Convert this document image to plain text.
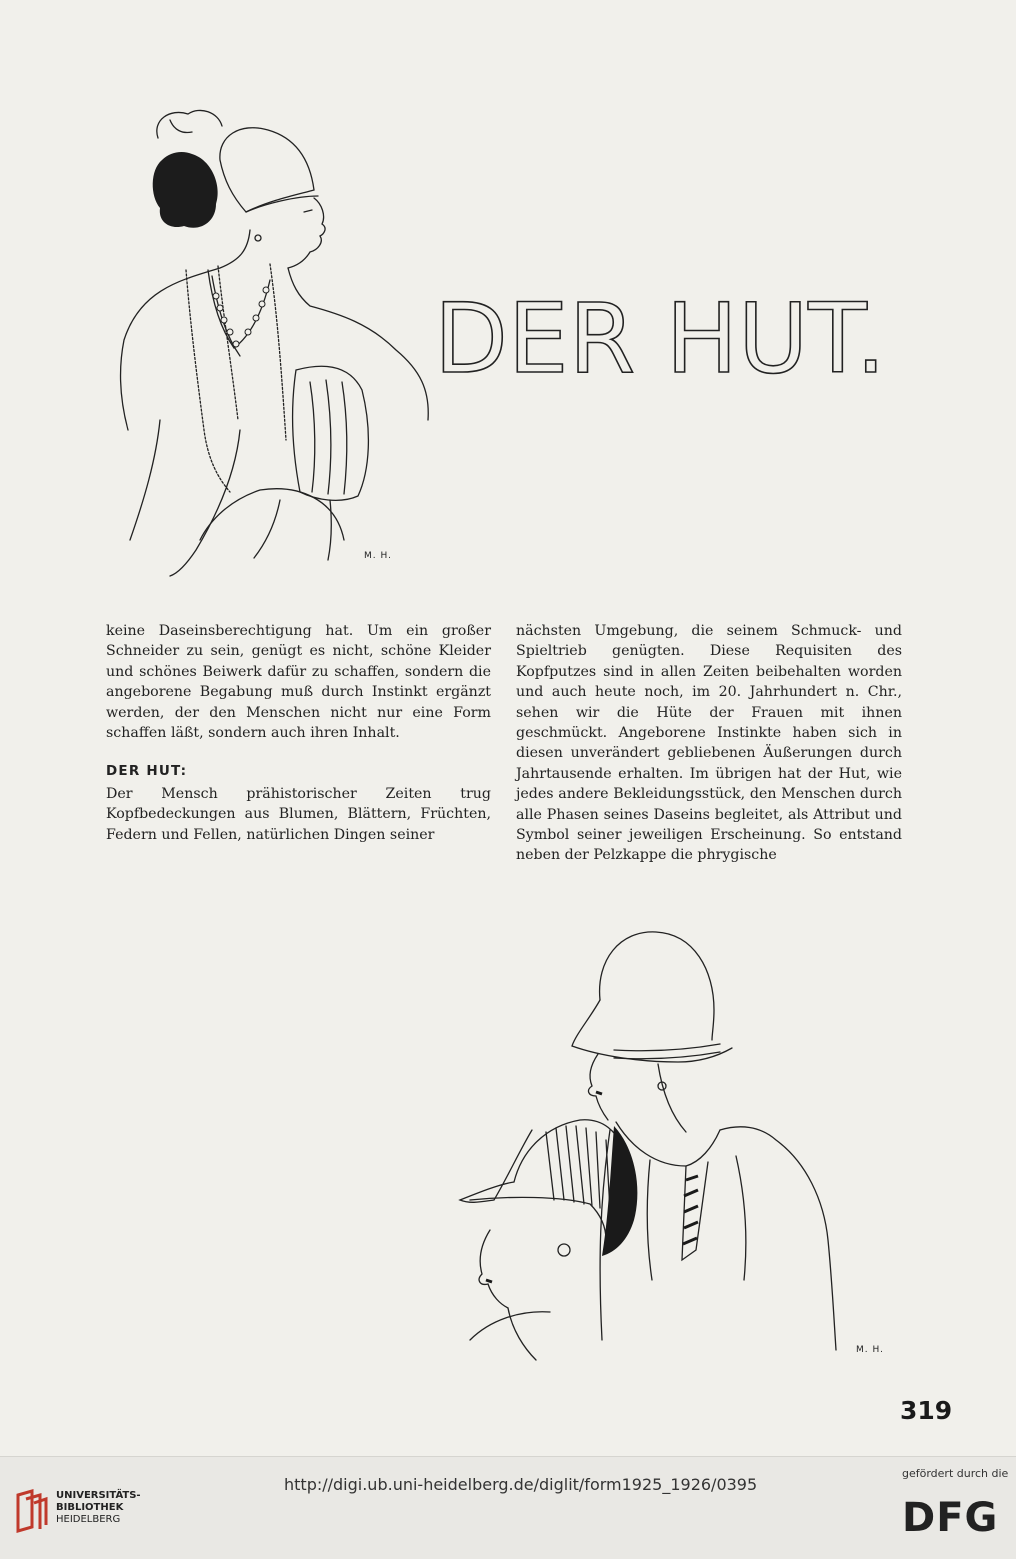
M. H.
DER HUT.

keine Daseinsberechtigung hat. Um ein großer Schneider zu sein, genügt es nicht, schöne Kleider und schönes Beiwerk dafür zu schaffen, sondern die angeborene Begabung muß durch Instinkt ergänzt werden, der den Menschen nicht nur eine Form schaffen läßt, sondern auch ihren Inhalt.

DER HUT:

Der Mensch prähistorischer Zeiten trug Kopfbedeckungen aus Blumen, Blättern, Früchten, Federn und Fellen, natürlichen Dingen seiner

nächsten Umgebung, die seinem Schmuck- und Spieltrieb genügten. Diese Requisiten des Kopfputzes sind in allen Zeiten beibehalten worden und auch heute noch, im 20. Jahrhundert n. Chr., sehen wir die Hüte der Frauen mit ihnen geschmückt. Angeborene Instinkte haben sich in diesen unverändert gebliebenen Äußerungen durch Jahrtausende erhalten. Im übrigen hat der Hut, wie jedes andere Bekleidungsstück, den Menschen durch alle Phasen seines Daseins begleitet, als Attribut und Symbol seiner jeweiligen Erscheinung. So entstand neben der Pelzkappe die phrygische

M. H.
319
UNIVERSITÄTS-
BIBLIOTHEK
HEIDELBERG
http://digi.ub.uni-heidelberg.de/diglit/form1925_1926/0395
gefördert durch die
DFG
